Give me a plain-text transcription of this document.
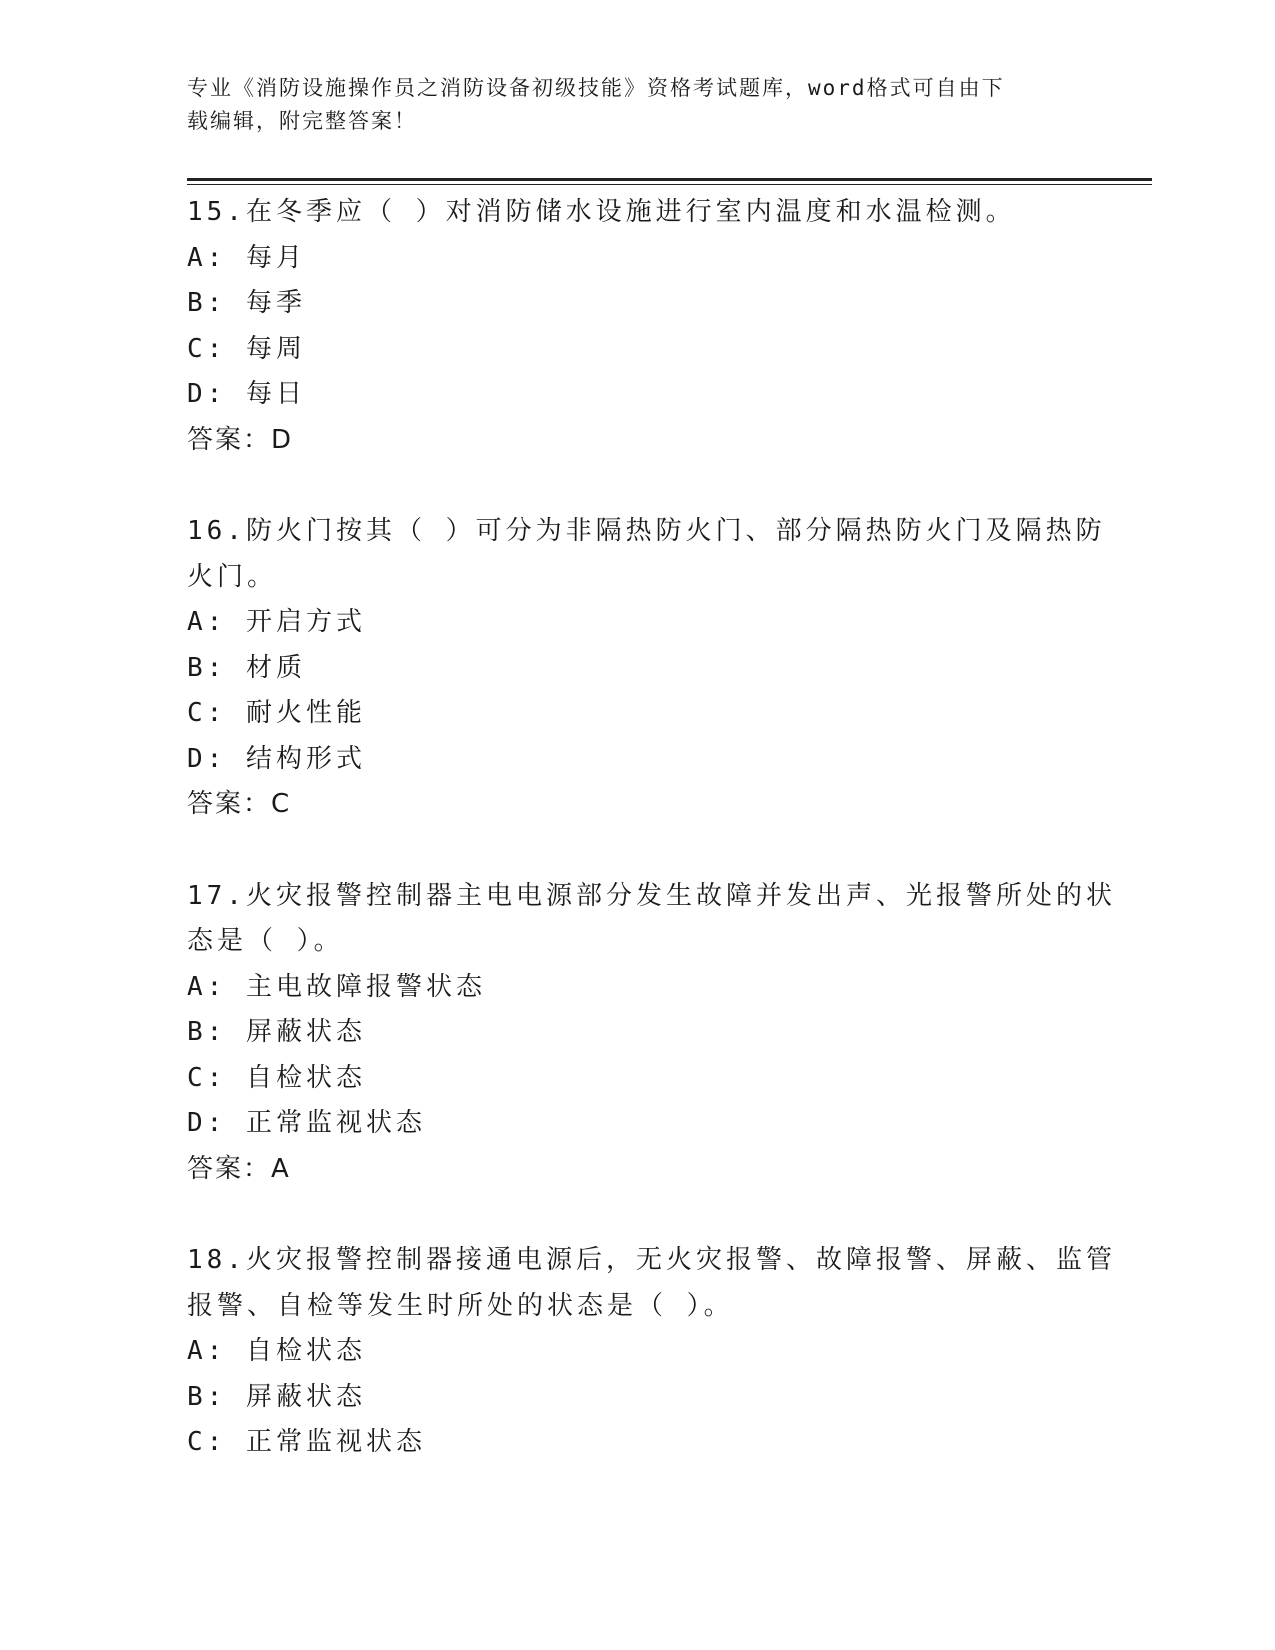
专业《消防设施操作员之消防设备初级技能》资格考试题库，word格式可自由下
载编辑，附完整答案！
15.在冬季应（ ）对消防储水设施进行室内温度和水温检测。
A: 每月
B: 每季
C: 每周
D: 每日
答案：D
16.防火门按其（ ）可分为非隔热防火门、部分隔热防火门及隔热防
火门。
A: 开启方式
B: 材质
C: 耐火性能
D: 结构形式
答案：C
17.火灾报警控制器主电电源部分发生故障并发出声、光报警所处的状
态是（ ）。
A: 主电故障报警状态
B: 屏蔽状态
C: 自检状态
D: 正常监视状态
答案：A
18.火灾报警控制器接通电源后，无火灾报警、故障报警、屏蔽、监管
报警、自检等发生时所处的状态是（ ）。
A: 自检状态
B: 屏蔽状态
C: 正常监视状态
